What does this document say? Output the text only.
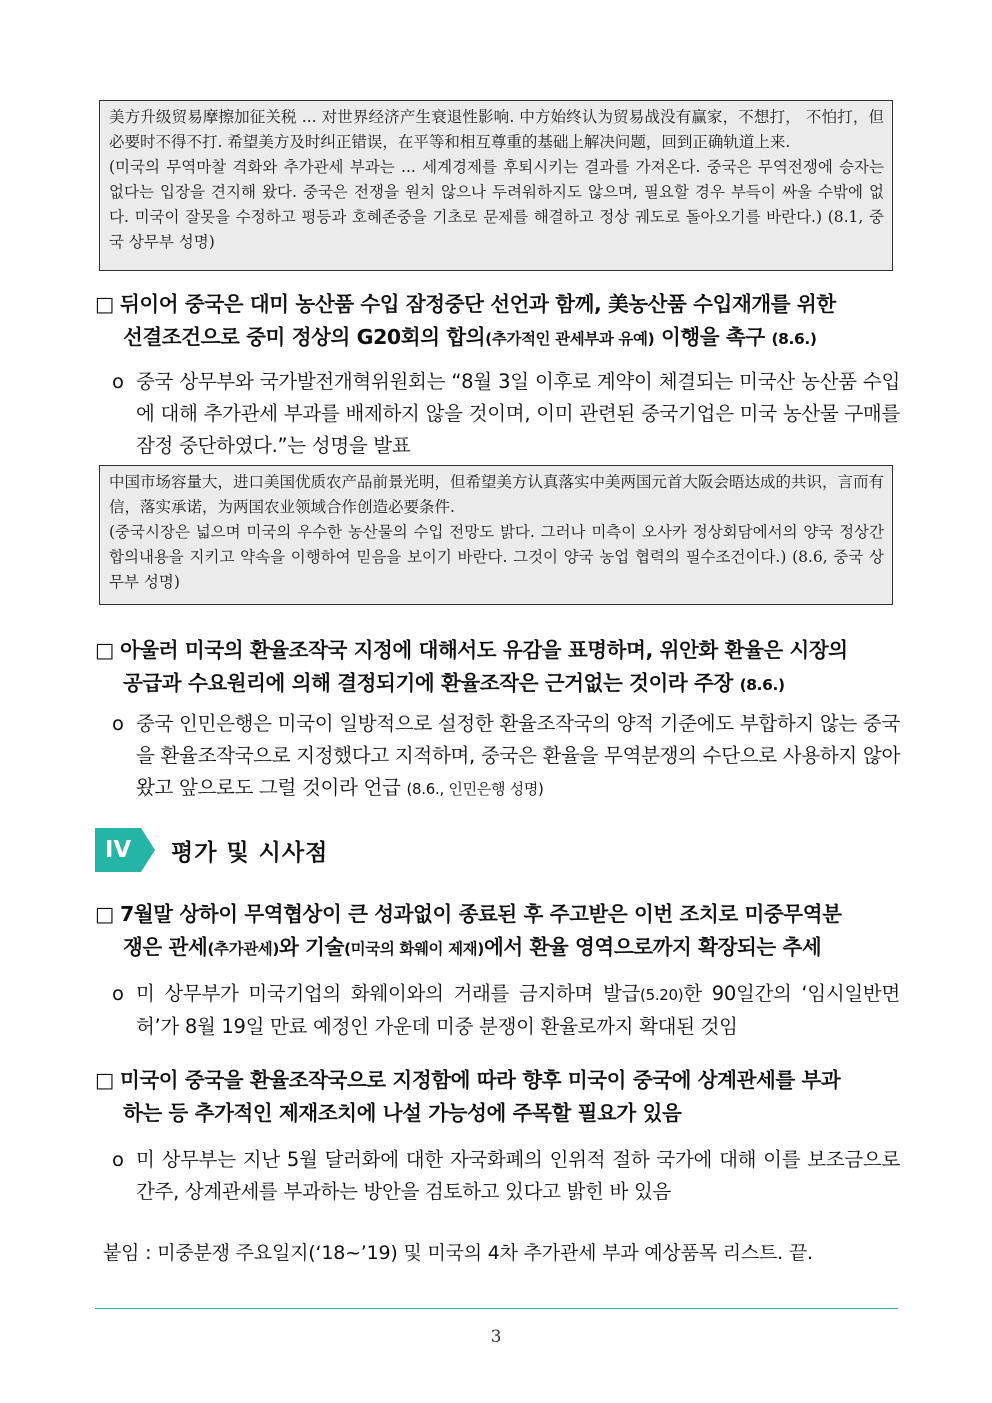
美方升级贸易摩擦加征关税 ... 对世界经济产生衰退性影响. 中方始终认为贸易战没有赢家，不想打， 不怕打，但必要时不得不打. 希望美方及时纠正错误，在平等和相互尊重的基础上解决问题，回到正确轨道上来.

(미국의 무역마찰 격화와 추가관세 부과는 ... 세계경제를 후퇴시키는 결과를 가져온다. 중국은 무역전쟁에 승자는 없다는 입장을 견지해 왔다. 중국은 전쟁을 원치 않으나 두려워하지도 않으며, 필요할 경우 부득이 싸울 수밖에 없다. 미국이 잘못을 수정하고 평등과 호혜존중을 기초로 문제를 해결하고 정상 궤도로 돌아오기를 바란다.) (8.1, 중국 상무부 성명)

□ 뒤이어 중국은 대미 농산품 수입 잠정중단 선언과 함께, 美농산품 수입재개를 위한
선결조건으로 중미 정상의 G20회의 합의(추가적인 관세부과 유예) 이행을 촉구 (8.6.)
o 중국 상무부와 국가발전개혁위원회는 “8월 3일 이후로 계약이 체결되는 미국산 농산품 수입에 대해 추가관세 부과를 배제하지 않을 것이며, 이미 관련된 중국기업은 미국 농산물 구매를 잠정 중단하였다.”는 성명을 발표

中国市场容量大，进口美国优质农产品前景光明，但希望美方认真落实中美两国元首大阪会晤达成的共识，言而有信，落实承诺，为两国农业领域合作创造必要条件.

(중국시장은 넓으며 미국의 우수한 농산물의 수입 전망도 밝다. 그러나 미측이 오사카 정상회담에서의 양국 정상간 합의내용을 지키고 약속을 이행하여 믿음을 보이기 바란다. 그것이 양국 농업 협력의 필수조건이다.) (8.6, 중국 상무부 성명)

□ 아울러 미국의 환율조작국 지정에 대해서도 유감을 표명하며, 위안화 환율은 시장의
공급과 수요원리에 의해 결정되기에 환율조작은 근거없는 것이라 주장 (8.6.)
o 중국 인민은행은 미국이 일방적으로 설정한 환율조작국의 양적 기준에도 부합하지 않는 중국을 환율조작국으로 지정했다고 지적하며, 중국은 환율을 무역분쟁의 수단으로 사용하지 않아 왔고 앞으로도 그럴 것이라 언급 (8.6., 인민은행 성명)
IV	평가 및 시사점
□ 7월말 상하이 무역협상이 큰 성과없이 종료된 후 주고받은 이번 조치로 미중무역분
쟁은 관세(추가관세)와 기술(미국의 화웨이 제재)에서 환율 영역으로까지 확장되는 추세
o 미 상무부가 미국기업의 화웨이와의 거래를 금지하며 발급(5.20)한 90일간의 ‘임시일반면허’가 8월 19일 만료 예정인 가운데 미중 분쟁이 환율로까지 확대된 것임
□ 미국이 중국을 환율조작국으로 지정함에 따라 향후 미국이 중국에 상계관세를 부과
하는 등 추가적인 제재조치에 나설 가능성에 주목할 필요가 있음
o 미 상무부는 지난 5월 달러화에 대한 자국화폐의 인위적 절하 국가에 대해 이를 보조금으로 간주, 상계관세를 부과하는 방안을 검토하고 있다고 밝힌 바 있음
붙임 : 미중분쟁 주요일지(‘18~’19) 및 미국의 4차 추가관세 부과 예상품목 리스트. 끝.
3
